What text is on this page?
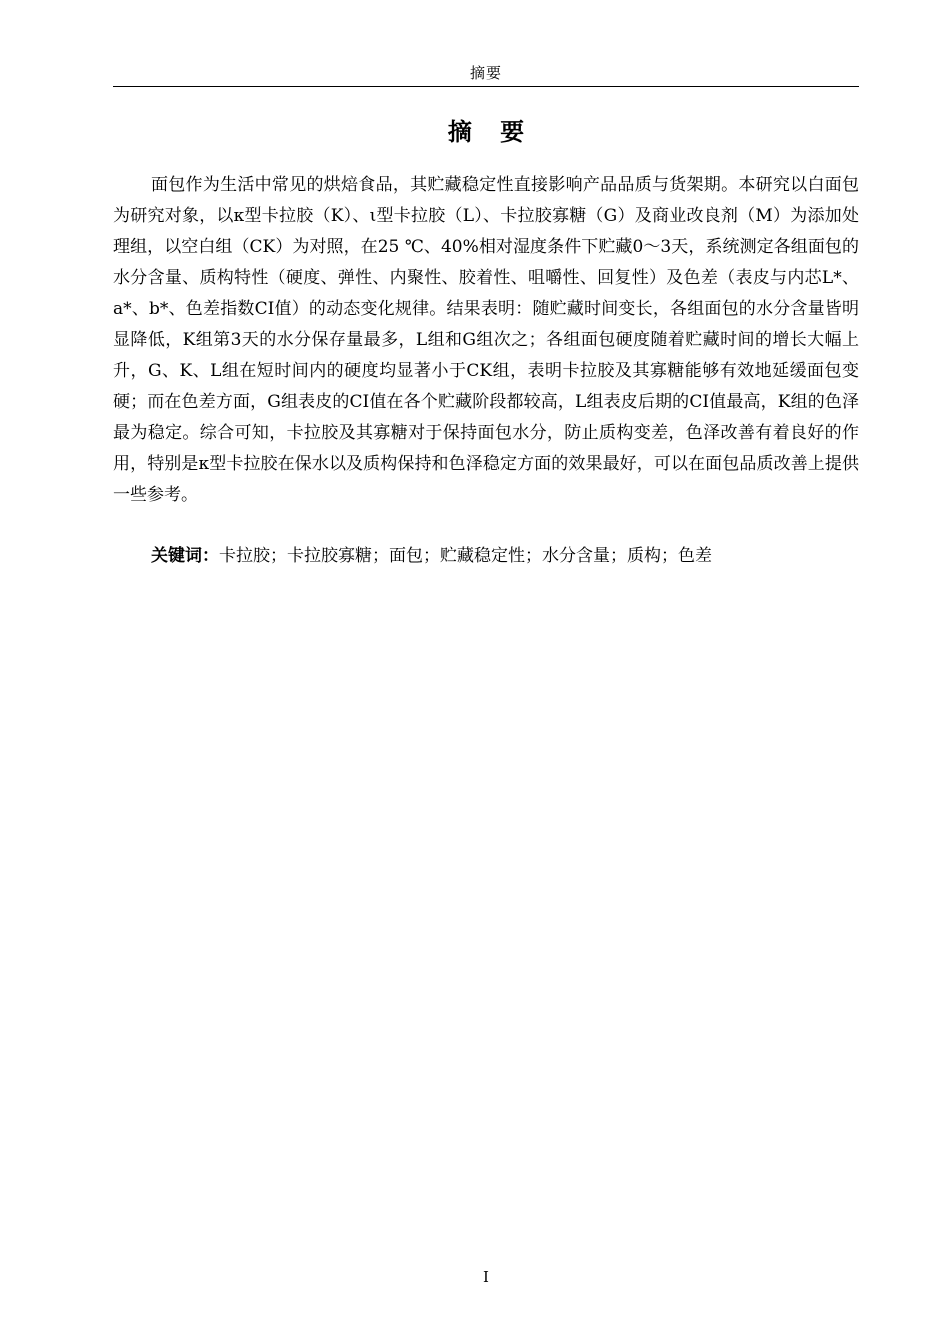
摘要
摘 要

面包作为生活中常见的烘焙食品，其贮藏稳定性直接影响产品品质与货架期。本研究以白面包为研究对象，以κ型卡拉胶（K）、ι型卡拉胶（L）、卡拉胶寡糖（G）及商业改良剂（M）为添加处理组，以空白组（CK）为对照，在25 ℃、40%相对湿度条件下贮藏0～3天，系统测定各组面包的水分含量、质构特性（硬度、弹性、内聚性、胶着性、咀嚼性、回复性）及色差（表皮与内芯L*、a*、b*、色差指数CI值）的动态变化规律。结果表明：随贮藏时间变长，各组面包的水分含量皆明显降低，K组第3天的水分保存量最多，L组和G组次之；各组面包硬度随着贮藏时间的增长大幅上升，G、K、L组在短时间内的硬度均显著小于CK组，表明卡拉胶及其寡糖能够有效地延缓面包变硬；而在色差方面，G组表皮的CI值在各个贮藏阶段都较高，L组表皮后期的CI值最高，K组的色泽最为稳定。综合可知，卡拉胶及其寡糖对于保持面包水分，防止质构变差，色泽改善有着良好的作用，特别是κ型卡拉胶在保水以及质构保持和色泽稳定方面的效果最好，可以在面包品质改善上提供一些参考。

关键词：卡拉胶；卡拉胶寡糖；面包；贮藏稳定性；水分含量；质构；色差

I
